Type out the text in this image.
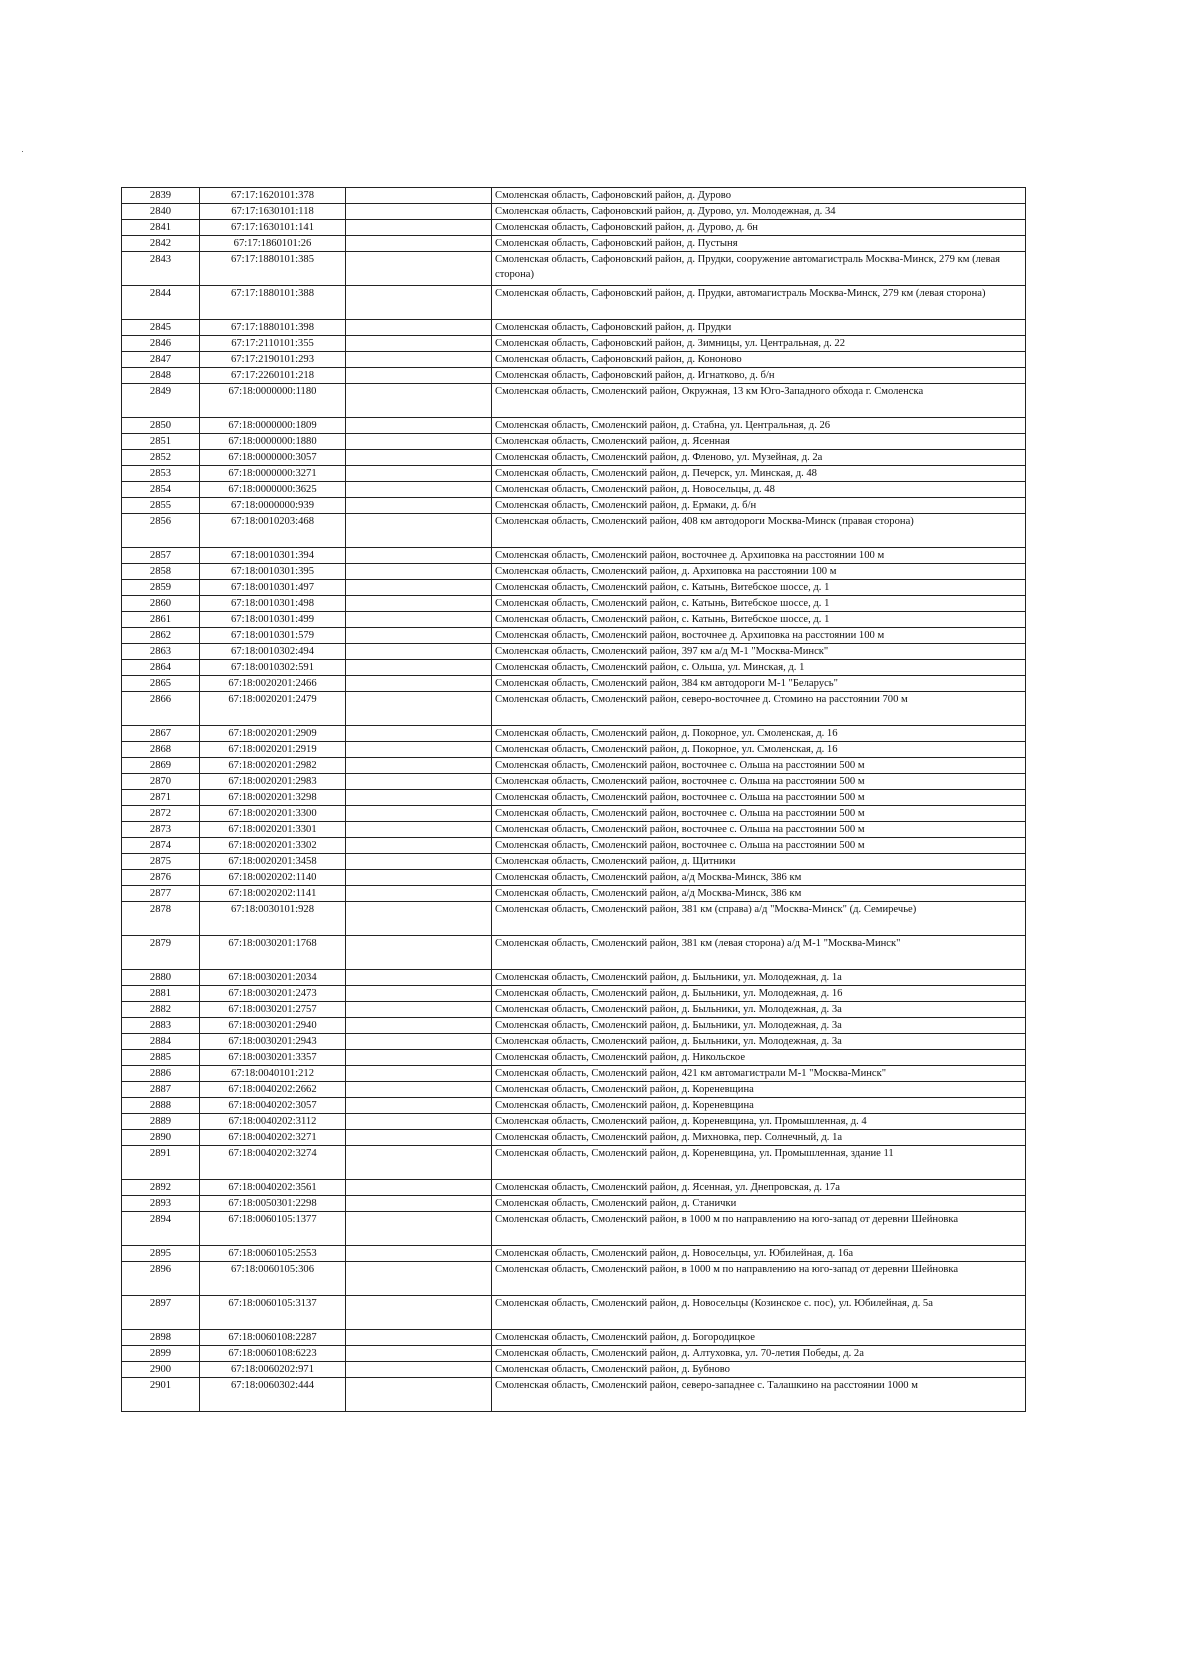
2839	67:17:1620101:378		Смоленская область, Сафоновский район, д. Дурово
2840	67:17:1630101:118		Смоленская область, Сафоновский район, д. Дурово, ул. Молодежная, д. 34
2841	67:17:1630101:141		Смоленская область, Сафоновский район, д. Дурово, д. 6н
2842	67:17:1860101:26		Смоленская область, Сафоновский район, д. Пустыня
2843	67:17:1880101:385		Смоленская область, Сафоновский район, д. Прудки, сооружение автомагистраль Москва-Минск, 279 км (левая сторона)
2844	67:17:1880101:388		Смоленская область, Сафоновский район, д. Прудки, автомагистраль Москва-Минск, 279 км (левая сторона)
2845	67:17:1880101:398		Смоленская область, Сафоновский район, д. Прудки
2846	67:17:2110101:355		Смоленская область, Сафоновский район, д. Зимницы, ул. Центральная, д. 22
2847	67:17:2190101:293		Смоленская область, Сафоновский район, д. Кононово
2848	67:17:2260101:218		Смоленская область, Сафоновский район, д. Игнатково, д. б/н
2849	67:18:0000000:1180		Смоленская область, Смоленский район, Окружная, 13 км Юго-Западного обхода г. Смоленска
2850	67:18:0000000:1809		Смоленская область, Смоленский район, д. Стабна, ул. Центральная, д. 26
2851	67:18:0000000:1880		Смоленская область, Смоленский район, д. Ясенная
2852	67:18:0000000:3057		Смоленская область, Смоленский район, д. Фленово, ул. Музейная, д. 2а
2853	67:18:0000000:3271		Смоленская область, Смоленский район, д. Печерск, ул. Минская, д. 48
2854	67:18:0000000:3625		Смоленская область, Смоленский район, д. Новосельцы, д. 48
2855	67:18:0000000:939		Смоленская область, Смоленский район, д. Ермаки, д. б/н
2856	67:18:0010203:468		Смоленская область, Смоленский район, 408 км автодороги Москва-Минск (правая сторона)
2857	67:18:0010301:394		Смоленская область, Смоленский район, восточнее д. Архиповка на расстоянии 100 м
2858	67:18:0010301:395		Смоленская область, Смоленский район, д. Архиповка на расстоянии 100 м
2859	67:18:0010301:497		Смоленская область, Смоленский район, с. Катынь, Витебское шоссе, д. 1
2860	67:18:0010301:498		Смоленская область, Смоленский район, с. Катынь, Витебское шоссе, д. 1
2861	67:18:0010301:499		Смоленская область, Смоленский район, с. Катынь, Витебское шоссе, д. 1
2862	67:18:0010301:579		Смоленская область, Смоленский район, восточнее д. Архиповка на расстоянии 100 м
2863	67:18:0010302:494		Смоленская область, Смоленский район, 397 км а/д М-1 "Москва-Минск"
2864	67:18:0010302:591		Смоленская область, Смоленский район, с. Ольша, ул. Минская, д. 1
2865	67:18:0020201:2466		Смоленская область, Смоленский район, 384 км автодороги М-1 "Беларусь"
2866	67:18:0020201:2479		Смоленская область, Смоленский район, северо-восточнее д. Стомино на расстоянии 700 м
2867	67:18:0020201:2909		Смоленская область, Смоленский район, д. Покорное, ул. Смоленская, д. 16
2868	67:18:0020201:2919		Смоленская область, Смоленский район, д. Покорное, ул. Смоленская, д. 16
2869	67:18:0020201:2982		Смоленская область, Смоленский район, восточнее с. Ольша на расстоянии 500 м
2870	67:18:0020201:2983		Смоленская область, Смоленский район, восточнее с. Ольша на расстоянии 500 м
2871	67:18:0020201:3298		Смоленская область, Смоленский район, восточнее с. Ольша на расстоянии 500 м
2872	67:18:0020201:3300		Смоленская область, Смоленский район, восточнее с. Ольша на расстоянии 500 м
2873	67:18:0020201:3301		Смоленская область, Смоленский район, восточнее с. Ольша на расстоянии 500 м
2874	67:18:0020201:3302		Смоленская область, Смоленский район, восточнее с. Ольша на расстоянии 500 м
2875	67:18:0020201:3458		Смоленская область, Смоленский район, д. Щитники
2876	67:18:0020202:1140		Смоленская область, Смоленский район, а/д Москва-Минск, 386 км
2877	67:18:0020202:1141		Смоленская область, Смоленский район, а/д Москва-Минск, 386 км
2878	67:18:0030101:928		Смоленская область, Смоленский район, 381 км (справа) а/д "Москва-Минск" (д. Семиречье)
2879	67:18:0030201:1768		Смоленская область, Смоленский район, 381 км (левая сторона) а/д М-1 "Москва-Минск"
2880	67:18:0030201:2034		Смоленская область, Смоленский район, д. Быльники, ул. Молодежная, д. 1а
2881	67:18:0030201:2473		Смоленская область, Смоленский район, д. Быльники, ул. Молодежная, д. 16
2882	67:18:0030201:2757		Смоленская область, Смоленский район, д. Быльники, ул. Молодежная, д. 3а
2883	67:18:0030201:2940		Смоленская область, Смоленский район, д. Быльники, ул. Молодежная, д. 3а
2884	67:18:0030201:2943		Смоленская область, Смоленский район, д. Быльники, ул. Молодежная, д. 3а
2885	67:18:0030201:3357		Смоленская область, Смоленский район, д. Никольское
2886	67:18:0040101:212		Смоленская область, Смоленский район, 421 км автомагистрали М-1 "Москва-Минск"
2887	67:18:0040202:2662		Смоленская область, Смоленский район, д. Кореневщина
2888	67:18:0040202:3057		Смоленская область, Смоленский район, д. Кореневщина
2889	67:18:0040202:3112		Смоленская область, Смоленский район, д. Кореневщина, ул. Промышленная, д. 4
2890	67:18:0040202:3271		Смоленская область, Смоленский район, д. Михновка, пер. Солнечный, д. 1а
2891	67:18:0040202:3274		Смоленская область, Смоленский район, д. Кореневщина, ул. Промышленная, здание 11
2892	67:18:0040202:3561		Смоленская область, Смоленский район, д. Ясенная, ул. Днепровская, д. 17а
2893	67:18:0050301:2298		Смоленская область, Смоленский район, д. Станички
2894	67:18:0060105:1377		Смоленская область, Смоленский район, в 1000 м по направлению на юго-запад от деревни Шейновка
2895	67:18:0060105:2553		Смоленская область, Смоленский район, д. Новосельцы, ул. Юбилейная, д. 16а
2896	67:18:0060105:306		Смоленская область, Смоленский район, в 1000 м по направлению на юго-запад от деревни Шейновка
2897	67:18:0060105:3137		Смоленская область, Смоленский район, д. Новосельцы (Козинское с. пос), ул. Юбилейная, д. 5а
2898	67:18:0060108:2287		Смоленская область, Смоленский район, д. Богородицкое
2899	67:18:0060108:6223		Смоленская область, Смоленский район, д. Алтуховка, ул. 70-летия Победы, д. 2а
2900	67:18:0060202:971		Смоленская область, Смоленский район, д. Бубново
2901	67:18:0060302:444		Смоленская область, Смоленский район, северо-западнее с. Талашкино на расстоянии 1000 м
